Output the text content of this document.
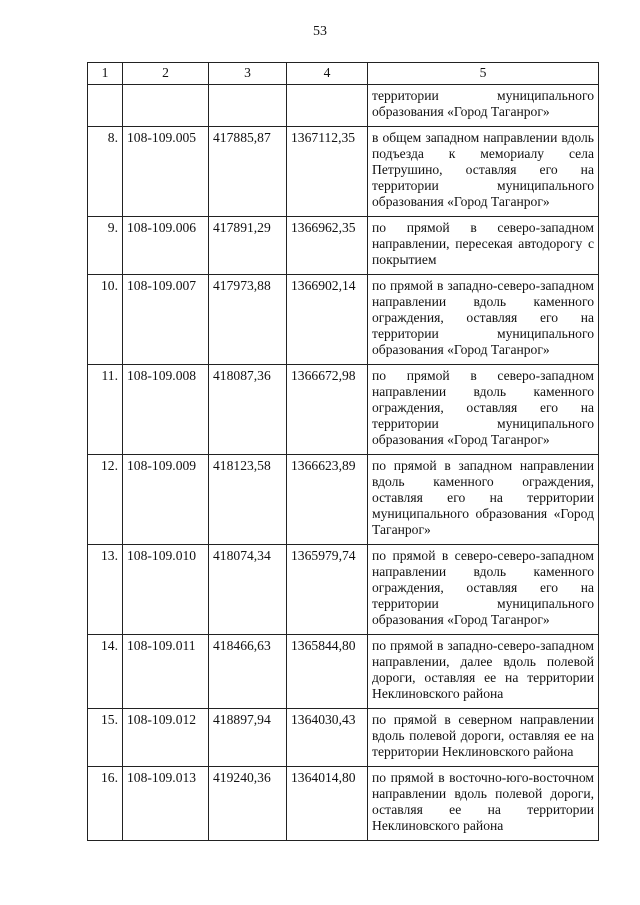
53
1	2	3	4	5
				территории муниципального образования «Город Таганрог»
8.	108-109.005	417885,87	1367112,35	в общем западном направлении вдоль подъезда к мемориалу села Петрушино, оставляя его на территории муниципального образования «Город Таганрог»
9.	108-109.006	417891,29	1366962,35	по прямой в северо-западном направлении, пересекая автодорогу с покрытием
10.	108-109.007	417973,88	1366902,14	по прямой в западно-северо-западном направлении вдоль каменного ограждения, оставляя его на территории муниципального образования «Город Таганрог»
11.	108-109.008	418087,36	1366672,98	по прямой в северо-западном направлении вдоль каменного ограждения, оставляя его на территории муниципального образования «Город Таганрог»
12.	108-109.009	418123,58	1366623,89	по прямой в западном направлении вдоль каменного ограждения, оставляя его на территории муниципального образования «Город Таганрог»
13.	108-109.010	418074,34	1365979,74	по прямой в северо-северо-западном направлении вдоль каменного ограждения, оставляя его на территории муниципального образования «Город Таганрог»
14.	108-109.011	418466,63	1365844,80	по прямой в западно-северо-западном направлении, далее вдоль полевой дороги, оставляя ее на территории Неклиновского района
15.	108-109.012	418897,94	1364030,43	по прямой в северном направлении вдоль полевой дороги, оставляя ее на территории Неклиновского района
16.	108-109.013	419240,36	1364014,80	по прямой в восточно-юго-восточном направлении вдоль полевой дороги, оставляя ее на территории Неклиновского района
